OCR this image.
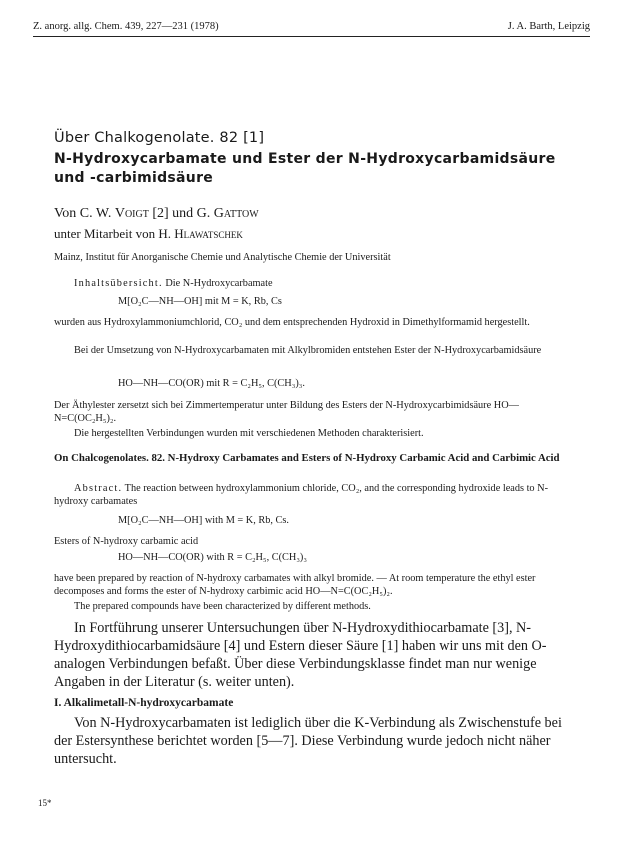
Z. anorg. allg. Chem. 439, 227—231 (1978)	J. A. Barth, Leipzig
Über Chalkogenolate. 82 [1]
N-Hydroxycarbamate und Ester der N-Hydroxycarbamidsäure und -carbimidsäure
Von C. W. Voigt [2] und G. Gattow
unter Mitarbeit von H. Hlawatschek
Mainz, Institut für Anorganische Chemie und Analytische Chemie der Universität
Inhaltsübersicht. Die N-Hydroxycarbamate
M[O₂C—NH—OH] mit M = K, Rb, Cs
wurden aus Hydroxylammoniumchlorid, CO₂ und dem entsprechenden Hydroxid in Dimethylformamid hergestellt.
Bei der Umsetzung von N-Hydroxycarbamaten mit Alkylbromiden entstehen Ester der N-Hydroxycarbamidsäure
HO—NH—CO(OR) mit R = C₂H₅, C(CH₃)₃.
Der Äthylester zersetzt sich bei Zimmertemperatur unter Bildung des Esters der N-Hydroxycarbimidsäure HO—N=C(OC₂H₅)₂.
Die hergestellten Verbindungen wurden mit verschiedenen Methoden charakterisiert.
On Chalcogenolates. 82. N-Hydroxy Carbamates and Esters of N-Hydroxy Carbamic Acid and Carbimic Acid
Abstract. The reaction between hydroxylammonium chloride, CO₂, and the corresponding hydroxide leads to N-hydroxy carbamates
M[O₂C—NH—OH] with M = K, Rb, Cs.
Esters of N-hydroxy carbamic acid
HO—NH—CO(OR) with R = C₂H₅, C(CH₃)₃
have been prepared by reaction of N-hydroxy carbamates with alkyl bromide. — At room temperature the ethyl ester decomposes and forms the ester of N-hydroxy carbimic acid HO—N=C(OC₂H₅)₂.
The prepared compounds have been characterized by different methods.
In Fortführung unserer Untersuchungen über N-Hydroxydithiocarbamate [3], N-Hydroxydithiocarbamidsäure [4] und Estern dieser Säure [1] haben wir uns mit den O-analogen Verbindungen befaßt. Über diese Verbindungsklasse findet man nur wenige Angaben in der Literatur (s. weiter unten).
I. Alkalimetall-N-hydroxycarbamate
Von N-Hydroxycarbamaten ist lediglich über die K-Verbindung als Zwischenstufe bei der Estersynthese berichtet worden [5—7]. Diese Verbindung wurde jedoch nicht näher untersucht.
15*
